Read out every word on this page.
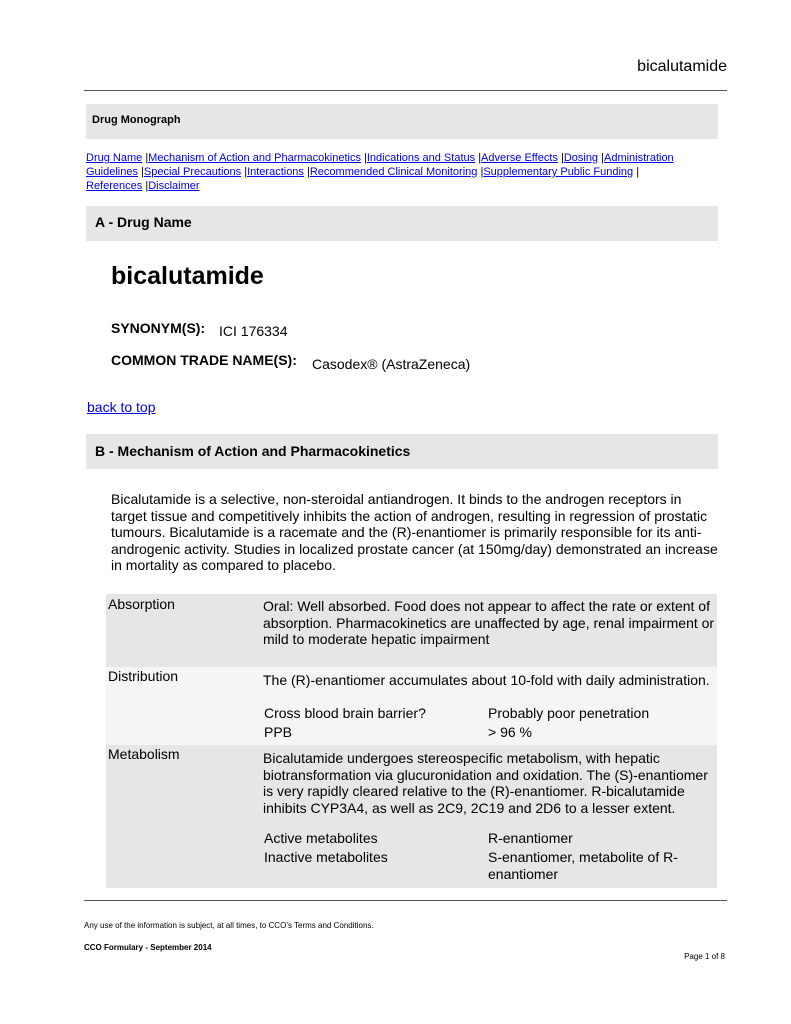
bicalutamide
Drug Monograph
Drug Name |Mechanism of Action and Pharmacokinetics |Indications and Status |Adverse Effects |Dosing |Administration Guidelines |Special Precautions |Interactions |Recommended Clinical Monitoring |Supplementary Public Funding |
References |Disclaimer
A - Drug Name
bicalutamide
SYNONYM(S): ICI 176334
COMMON TRADE NAME(S): Casodex® (AstraZeneca)
back to top
B - Mechanism of Action and Pharmacokinetics
Bicalutamide is a selective, non-steroidal antiandrogen. It binds to the androgen receptors in target tissue and competitively inhibits the action of androgen, resulting in regression of prostatic tumours. Bicalutamide is a racemate and the (R)-enantiomer is primarily responsible for its anti-androgenic activity. Studies in localized prostate cancer (at 150mg/day) demonstrated an increase in mortality as compared to placebo.
Absorption	Oral: Well absorbed. Food does not appear to affect the rate or extent of absorption. Pharmacokinetics are unaffected by age, renal impairment or mild to moderate hepatic impairment
Distribution	The (R)-enantiomer accumulates about 10-fold with daily administration.
Cross blood brain barrier?	Probably poor penetration
PPB	> 96 %
Metabolism	Bicalutamide undergoes stereospecific metabolism, with hepatic biotransformation via glucuronidation and oxidation. The (S)-enantiomer is very rapidly cleared relative to the (R)-enantiomer. R-bicalutamide inhibits CYP3A4, as well as 2C9, 2C19 and 2D6 to a lesser extent.
Active metabolites	R-enantiomer
Inactive metabolites	S-enantiomer, metabolite of R-enantiomer
Any use of the information is subject, at all times, to CCO’s Terms and Conditions.
CCO Formulary - September 2014
Page 1 of 8
